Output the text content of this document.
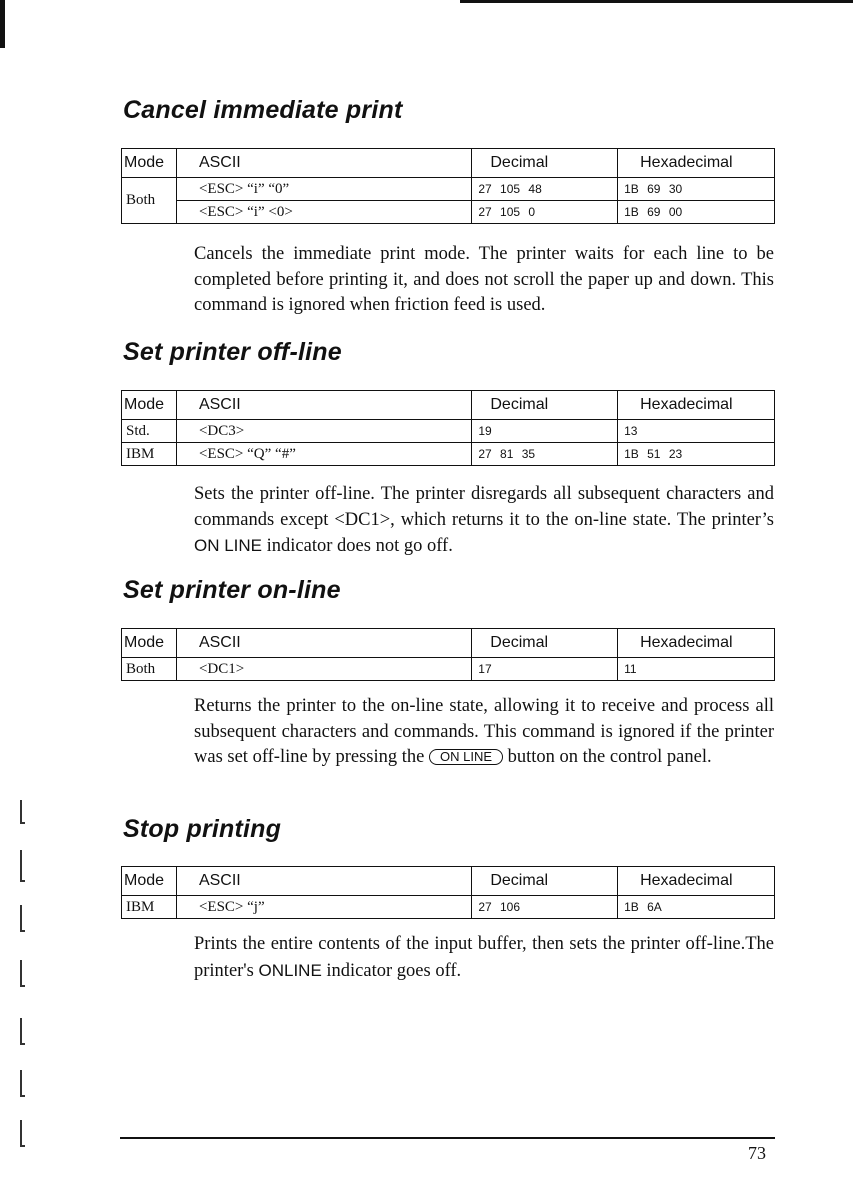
Cancel immediate print
Mode	ASCII	Decimal	Hexadecimal
Both	<ESC> “i” “0”	27 105 48	1B 69 30
	<ESC> “i” <0>	27 105 0	1B 69 00
Cancels the immediate print mode. The printer waits for each line to be completed before printing it, and does not scroll the paper up and down. This command is ignored when friction feed is used.
Set printer off-line
Mode	ASCII	Decimal	Hexadecimal
Std.	<DC3>	19	13
IBM	<ESC> “Q” “#”	27 81 35	1B 51 23
Sets the printer off-line. The printer disregards all subsequent characters and commands except <DC1>, which returns it to the on-line state. The printer’s ON LINE indicator does not go off.
Set printer on-line
Mode	ASCII	Decimal	Hexadecimal
Both	<DC1>	17	11
Returns the printer to the on-line state, allowing it to receive and process all subsequent characters and commands. This command is ignored if the printer was set off-line by pressing the ON LINE button on the control panel.
Stop printing
Mode	ASCII	Decimal	Hexadecimal
IBM	<ESC> “j”	27 106	1B 6A
Prints the entire contents of the input buffer, then sets the printer off-line.The printer's ONLINE indicator goes off.
73
